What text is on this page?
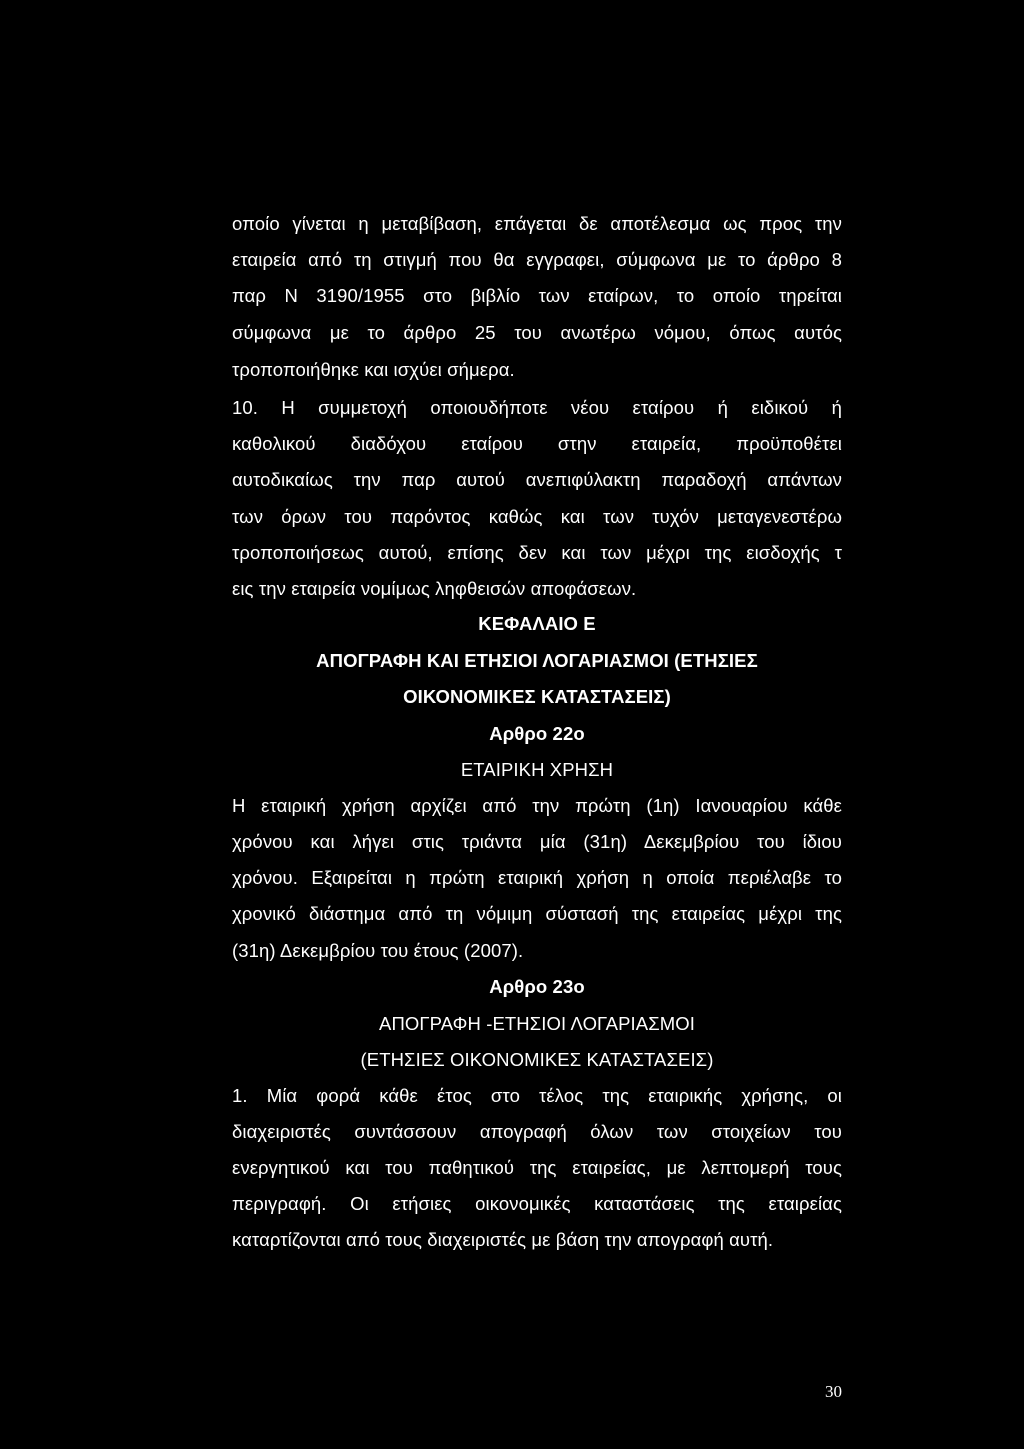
οποίο γίνεται η μεταβίβαση, επάγεται δε αποτέλεσμα ως προς την
εταιρεία από τη στιγμή που θα εγγραφει, σύμφωνα με το άρθρο 8
παρ Ν 3190/1955 στο βιβλίο των εταίρων, το οποίο τηρείται
σύμφωνα με το άρθρο 25 του ανωτέρω νόμου, όπως αυτός
τροποποιήθηκε και ισχύει σήμερα.
10. Η συμμετοχή οποιουδήποτε νέου εταίρου ή ειδικού ή
καθολικού διαδόχου εταίρου στην εταιρεία, προϋποθέτει
αυτοδικαίως την παρ αυτού ανεπιφύλακτη παραδοχή απάντων
των όρων του παρόντος καθώς και των τυχόν μεταγενεστέρω
τροποποιήσεως αυτού, επίσης δεν και των μέχρι της εισδοχής τ
εις την εταιρεία νομίμως ληφθεισών αποφάσεων.
ΚΕΦΑΛΑΙΟ Ε
ΑΠΟΓΡΑΦΗ ΚΑΙ ΕΤΗΣΙΟΙ ΛΟΓΑΡΙΑΣΜΟΙ (ΕΤΗΣΙΕΣ
ΟΙΚΟΝΟΜΙΚΕΣ ΚΑΤΑΣΤΑΣΕΙΣ)
Αρθρο 22ο
ΕΤΑΙΡΙΚΗ ΧΡΗΣΗ
Η εταιρική χρήση αρχίζει από την πρώτη (1η) Ιανουαρίου κάθε
χρόνου και λήγει στις τριάντα μία (31η) Δεκεμβρίου του ίδιου
χρόνου. Εξαιρείται η πρώτη εταιρική χρήση η οποία περιέλαβε το
χρονικό διάστημα από τη νόμιμη σύστασή της εταιρείας μέχρι της
(31η) Δεκεμβρίου του έτους (2007).
Αρθρο 23ο
ΑΠΟΓΡΑΦΗ -ΕΤΗΣΙΟΙ ΛΟΓΑΡΙΑΣΜΟΙ
(ΕΤΗΣΙΕΣ ΟΙΚΟΝΟΜΙΚΕΣ ΚΑΤΑΣΤΑΣΕΙΣ)
1. Μία φορά κάθε έτος στο τέλος της εταιρικής χρήσης, οι
διαχειριστές συντάσσουν απογραφή όλων των στοιχείων του
ενεργητικού και του παθητικού της εταιρείας, με λεπτομερή τους
περιγραφή. Οι ετήσιες οικονομικές καταστάσεις της εταιρείας
καταρτίζονται από τους διαχειριστές με βάση την απογραφή αυτή.
30
